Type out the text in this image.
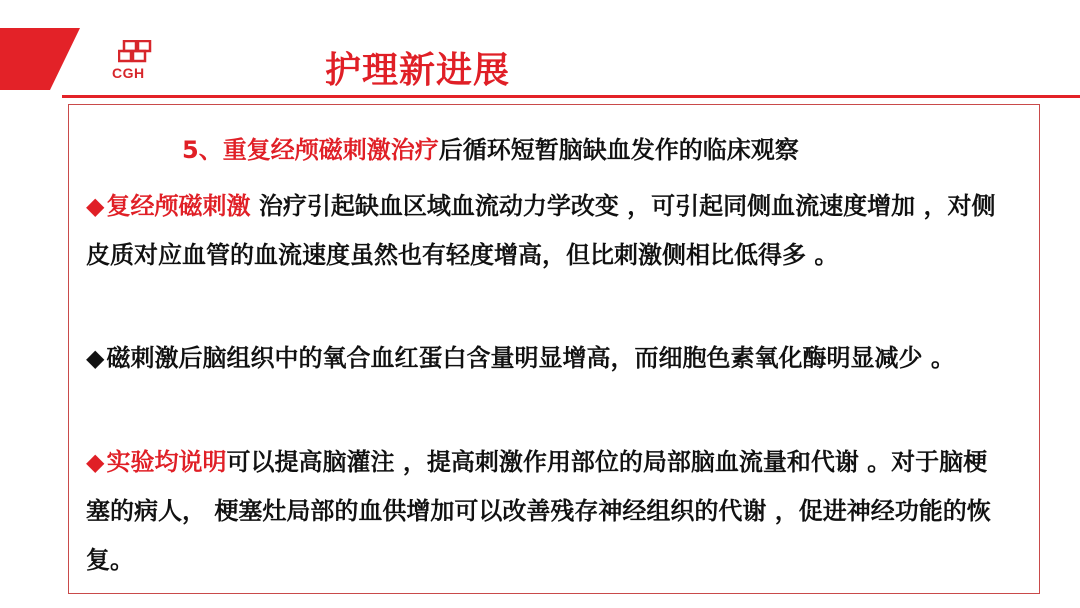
CGH	护理新进展
5、重复经颅磁刺激治疗后循环短暂脑缺血发作的临床观察
◆复经颅磁刺激 治疗引起缺血区域血流动力学改变 ，可引起同侧血流速度增加 ，对侧皮质对应血管的血流速度虽然也有轻度增高，但比刺激侧相比低得多 。
◆磁刺激后脑组织中的氧合血红蛋白含量明显增高，而细胞色素氧化酶明显减少 。
◆实验均说明可以提高脑灌注 ，提高刺激作用部位的局部脑血流量和代谢 。对于脑梗塞的病人， 梗塞灶局部的血供增加可以改善残存神经组织的代谢 ，促进神经功能的恢复。
